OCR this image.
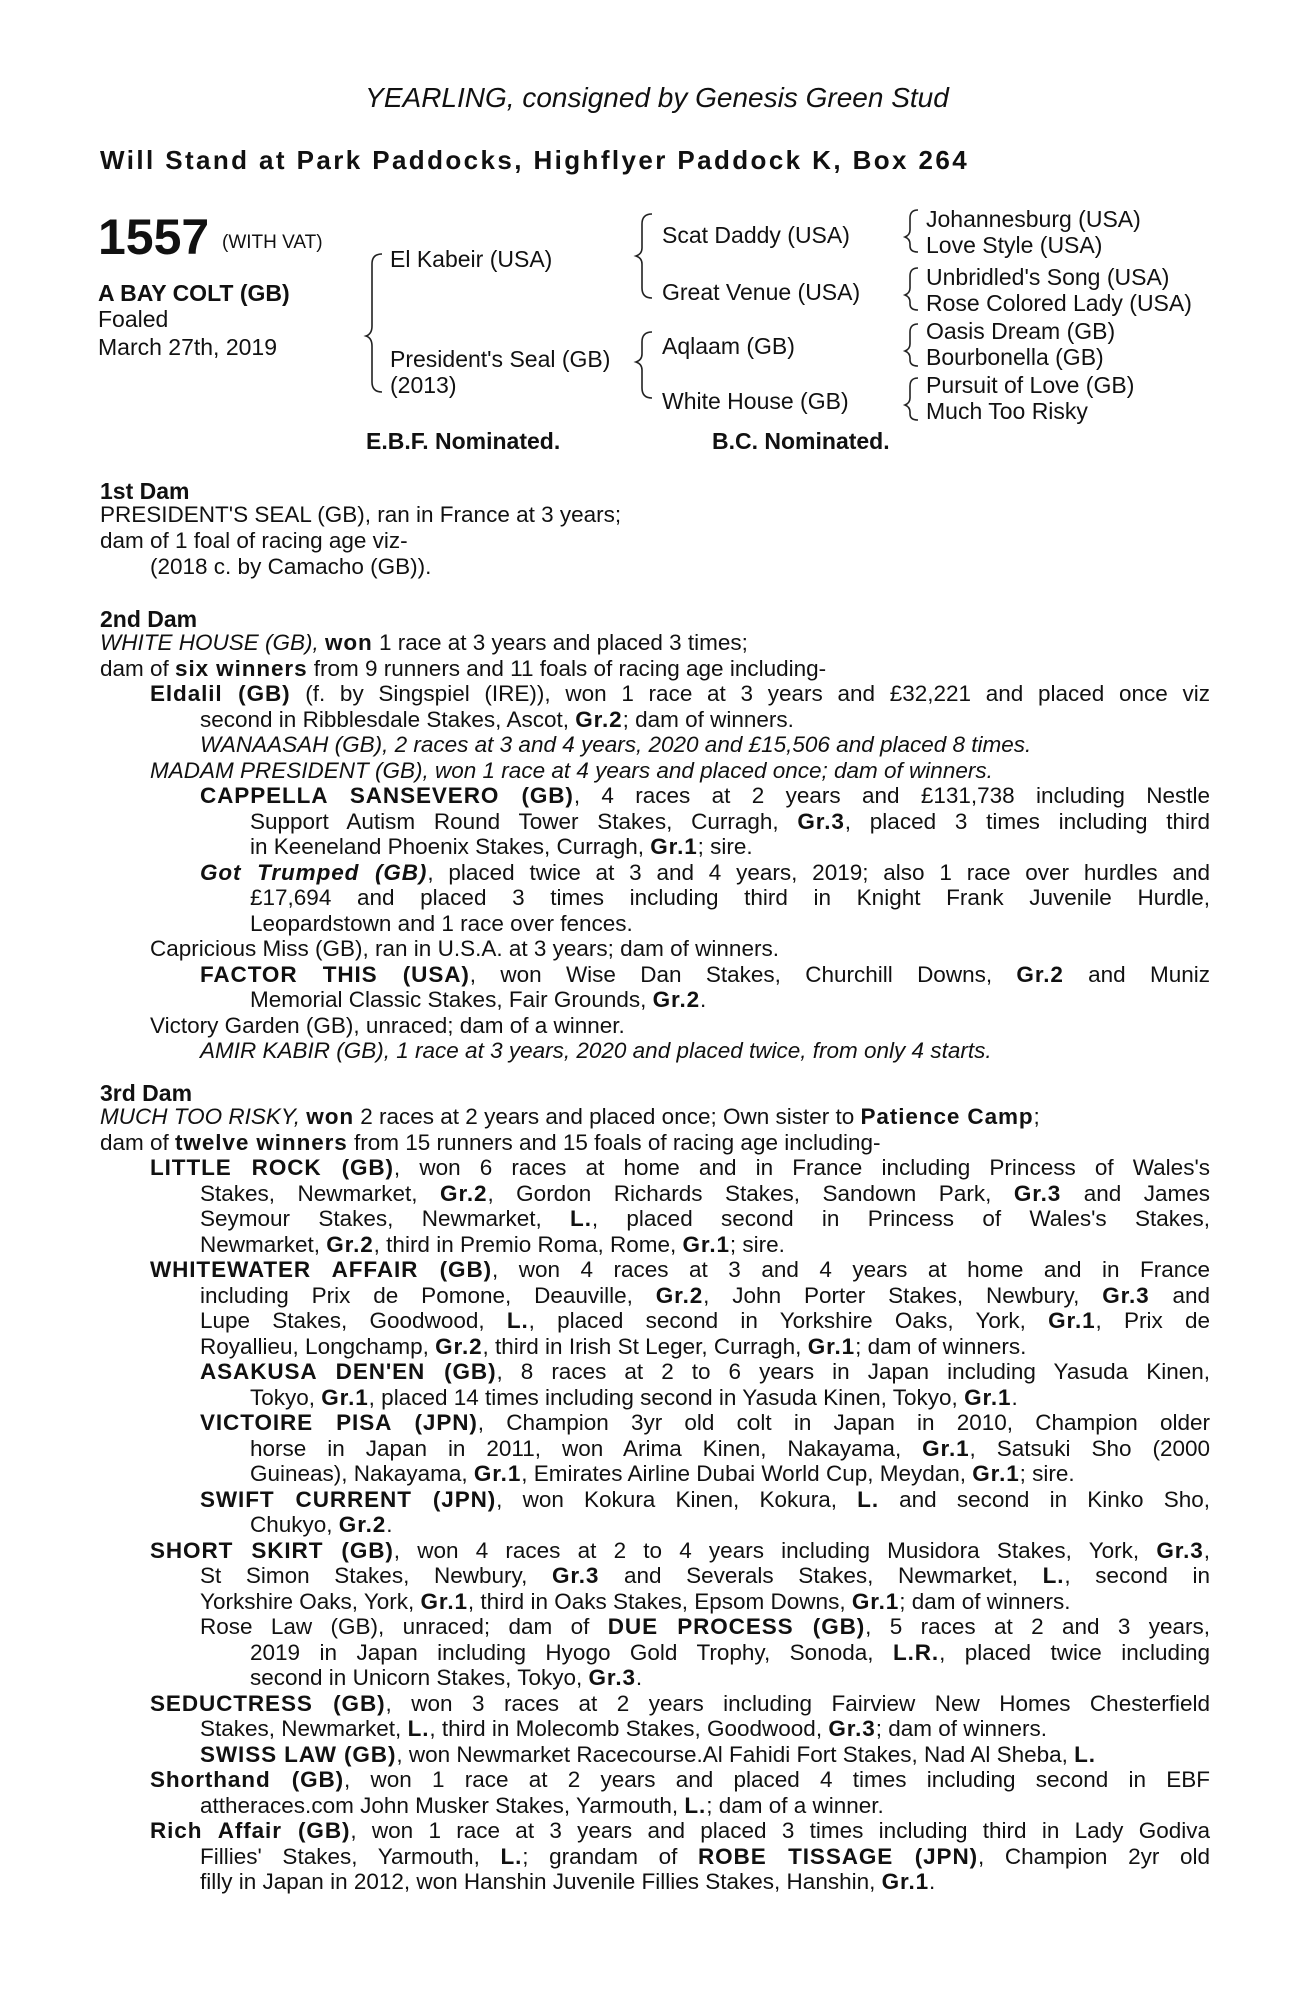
YEARLING, consigned by Genesis Green Stud
Will Stand at Park Paddocks, Highflyer Paddock K, Box 264
1557 (WITH VAT)
A BAY COLT (GB)
Foaled
March 27th, 2019
El Kabeir (USA)
President's Seal (GB)
(2013)
Scat Daddy (USA)
Great Venue (USA)
Aqlaam (GB)
White House (GB)
Johannesburg (USA)
Love Style (USA)
Unbridled's Song (USA)
Rose Colored Lady (USA)
Oasis Dream (GB)
Bourbonella (GB)
Pursuit of Love (GB)
Much Too Risky
E.B.F. Nominated.	B.C. Nominated.
1st Dam
PRESIDENT'S SEAL (GB), ran in France at 3 years;
dam of 1 foal of racing age viz-
(2018 c. by Camacho (GB)).
2nd Dam
WHITE HOUSE (GB), won 1 race at 3 years and placed 3 times;
dam of six winners from 9 runners and 11 foals of racing age including-
Eldalil (GB) (f. by Singspiel (IRE)), won 1 race at 3 years and £32,221 and placed once viz
second in Ribblesdale Stakes, Ascot, Gr.2; dam of winners.
WANAASAH (GB), 2 races at 3 and 4 years, 2020 and £15,506 and placed 8 times.
MADAM PRESIDENT (GB), won 1 race at 4 years and placed once; dam of winners.
CAPPELLA SANSEVERO (GB), 4 races at 2 years and £131,738 including Nestle
Support Autism Round Tower Stakes, Curragh, Gr.3, placed 3 times including third
in Keeneland Phoenix Stakes, Curragh, Gr.1; sire.
Got Trumped (GB), placed twice at 3 and 4 years, 2019; also 1 race over hurdles and
£17,694 and placed 3 times including third in Knight Frank Juvenile Hurdle,
Leopardstown and 1 race over fences.
Capricious Miss (GB), ran in U.S.A. at 3 years; dam of winners.
FACTOR THIS (USA), won Wise Dan Stakes, Churchill Downs, Gr.2 and Muniz
Memorial Classic Stakes, Fair Grounds, Gr.2.
Victory Garden (GB), unraced; dam of a winner.
AMIR KABIR (GB), 1 race at 3 years, 2020 and placed twice, from only 4 starts.
3rd Dam
MUCH TOO RISKY, won 2 races at 2 years and placed once; Own sister to Patience Camp;
dam of twelve winners from 15 runners and 15 foals of racing age including-
LITTLE ROCK (GB), won 6 races at home and in France including Princess of Wales's
Stakes, Newmarket, Gr.2, Gordon Richards Stakes, Sandown Park, Gr.3 and James
Seymour Stakes, Newmarket, L., placed second in Princess of Wales's Stakes,
Newmarket, Gr.2, third in Premio Roma, Rome, Gr.1; sire.
WHITEWATER AFFAIR (GB), won 4 races at 3 and 4 years at home and in France
including Prix de Pomone, Deauville, Gr.2, John Porter Stakes, Newbury, Gr.3 and
Lupe Stakes, Goodwood, L., placed second in Yorkshire Oaks, York, Gr.1, Prix de
Royallieu, Longchamp, Gr.2, third in Irish St Leger, Curragh, Gr.1; dam of winners.
ASAKUSA DEN'EN (GB), 8 races at 2 to 6 years in Japan including Yasuda Kinen,
Tokyo, Gr.1, placed 14 times including second in Yasuda Kinen, Tokyo, Gr.1.
VICTOIRE PISA (JPN), Champion 3yr old colt in Japan in 2010, Champion older
horse in Japan in 2011, won Arima Kinen, Nakayama, Gr.1, Satsuki Sho (2000
Guineas), Nakayama, Gr.1, Emirates Airline Dubai World Cup, Meydan, Gr.1; sire.
SWIFT CURRENT (JPN), won Kokura Kinen, Kokura, L. and second in Kinko Sho,
Chukyo, Gr.2.
SHORT SKIRT (GB), won 4 races at 2 to 4 years including Musidora Stakes, York, Gr.3,
St Simon Stakes, Newbury, Gr.3 and Severals Stakes, Newmarket, L., second in
Yorkshire Oaks, York, Gr.1, third in Oaks Stakes, Epsom Downs, Gr.1; dam of winners.
Rose Law (GB), unraced; dam of DUE PROCESS (GB), 5 races at 2 and 3 years,
2019 in Japan including Hyogo Gold Trophy, Sonoda, L.R., placed twice including
second in Unicorn Stakes, Tokyo, Gr.3.
SEDUCTRESS (GB), won 3 races at 2 years including Fairview New Homes Chesterfield
Stakes, Newmarket, L., third in Molecomb Stakes, Goodwood, Gr.3; dam of winners.
SWISS LAW (GB), won Newmarket Racecourse.Al Fahidi Fort Stakes, Nad Al Sheba, L.
Shorthand (GB), won 1 race at 2 years and placed 4 times including second in EBF
attheraces.com John Musker Stakes, Yarmouth, L.; dam of a winner.
Rich Affair (GB), won 1 race at 3 years and placed 3 times including third in Lady Godiva
Fillies' Stakes, Yarmouth, L.; grandam of ROBE TISSAGE (JPN), Champion 2yr old
filly in Japan in 2012, won Hanshin Juvenile Fillies Stakes, Hanshin, Gr.1.
